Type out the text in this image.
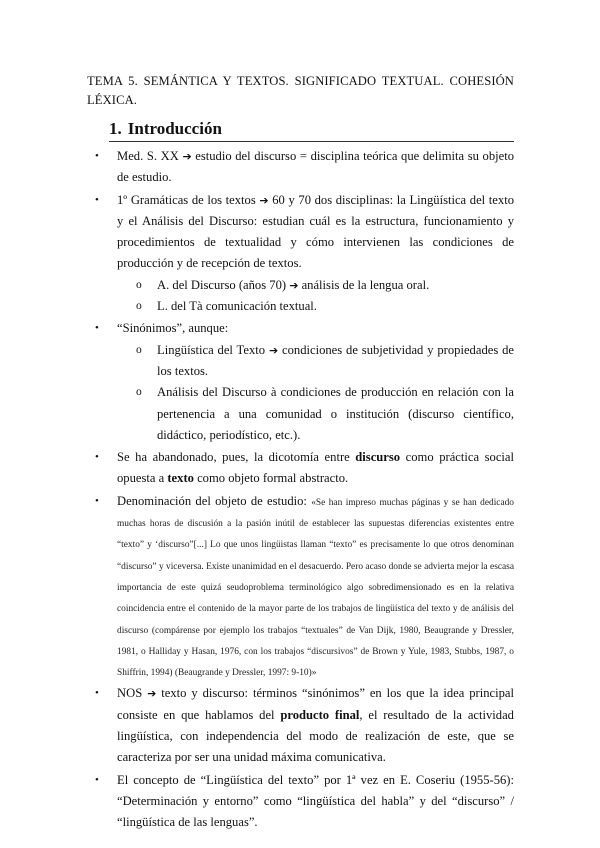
TEMA 5. SEMÁNTICA Y TEXTOS. SIGNIFICADO TEXTUAL. COHESIÓN LÉXICA.
1. Introducción
• Med. S. XX ➔ estudio del discurso = disciplina teórica que delimita su objeto de estudio.
• 1º Gramáticas de los textos ➔ 60 y 70 dos disciplinas: la Lingüística del texto y el Análisis del Discurso: estudian cuál es la estructura, funcionamiento y procedimientos de textualidad y cómo intervienen las condiciones de producción y de recepción de textos.
o A. del Discurso (años 70) ➔ análisis de la lengua oral.
o L. del Tà comunicación textual.
• “Sinónimos”, aunque:
o Lingüística del Texto ➔ condiciones de subjetividad y propiedades de los textos.
o Análisis del Discurso à condiciones de producción en relación con la pertenencia a una comunidad o institución (discurso científico, didáctico, periodístico, etc.).
• Se ha abandonado, pues, la dicotomía entre discurso como práctica social opuesta a texto como objeto formal abstracto.
• Denominación del objeto de estudio: «Se han impreso muchas páginas y se han dedicado muchas horas de discusión a la pasión inútil de establecer las supuestas diferencias existentes entre “texto” y ‘discurso”[...] Lo que unos lingüistas llaman “texto” es precisamente lo que otros denominan “discurso” y viceversa. Existe unanimidad en el desacuerdo. Pero acaso donde se advierta mejor la escasa importancia de este quizá seudoproblema terminológico algo sobredimensionado es en la relativa coincidencia entre el contenido de la mayor parte de los trabajos de lingüística del texto y de análisis del discurso (compárense por ejemplo los trabajos “textuales” de Van Dijk, 1980, Beaugrande y Dressler, 1981, o Halliday y Hasan, 1976, con los trabajos “discursivos” de Brown y Yule, 1983, Stubbs, 1987, o Shiffrin, 1994) (Beaugrande y Dressler, 1997: 9-10)»
• NOS ➔ texto y discurso: términos “sinónimos” en los que la idea principal consiste en que hablamos del producto final, el resultado de la actividad lingüística, con independencia del modo de realización de este, que se caracteriza por ser una unidad máxima comunicativa.
• El concepto de “Lingüística del texto” por 1ª vez en E. Coseriu (1955-56): “Determinación y entorno” como “lingüística del habla” y del “discurso” / “lingüística de las lenguas”.
